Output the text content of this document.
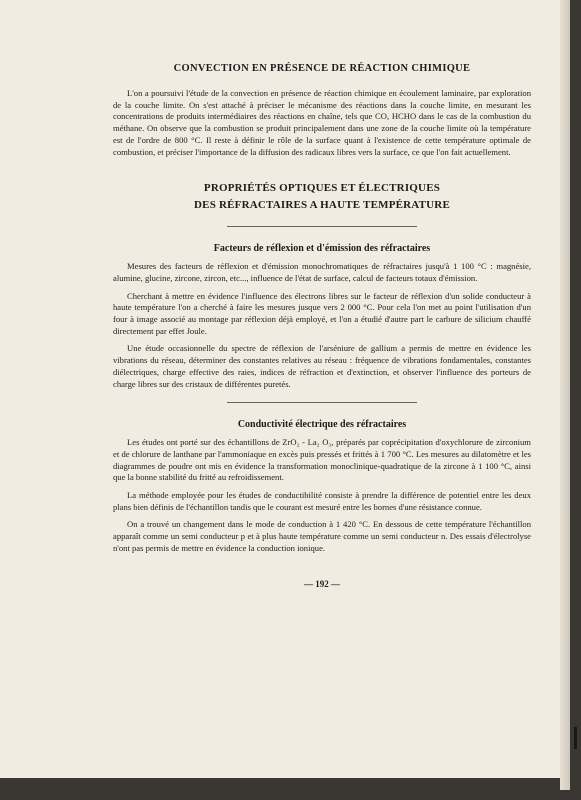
CONVECTION EN PRÉSENCE DE RÉACTION CHIMIQUE

L'on a poursuivi l'étude de la convection en présence de réaction chimique en écoulement laminaire, par exploration de la couche limite. On s'est attaché à préciser le mécanisme des réactions dans la couche limite, en mesurant les concentrations de produits intermédiaires des réactions en chaîne, tels que CO, HCHO dans le cas de la combustion du méthane. On observe que la combustion se produit principalement dans une zone de la couche limite où la température est de l'ordre de 800 °C. Il reste à définir le rôle de la surface quant à l'existence de cette température optimale de combustion, et préciser l'importance de la diffusion des radicaux libres vers la surface, ce que l'on fait actuellement.

PROPRIÉTÉS OPTIQUES ET ÉLECTRIQUES
DES RÉFRACTAIRES A HAUTE TEMPÉRATURE
Facteurs de réflexion et d'émission des réfractaires

Mesures des facteurs de réflexion et d'émission monochromatiques de réfractaires jusqu'à 1 100 °C : magnésie, alumine, glucine, zircone, zircon, etc..., influence de l'état de surface, calcul de facteurs totaux d'émission.

Cherchant à mettre en évidence l'influence des électrons libres sur le facteur de réflexion d'un solide conducteur à haute température l'on a cherché à faire les mesures jusque vers 2 000 °C. Pour cela l'on met au point l'utilisation d'un four à image associé au montage par réflexion déjà employé, et l'on a étudié d'autre part le carbure de silicium chauffé directement par effet Joule.

Une étude occasionnelle du spectre de réflexion de l'arséniure de gallium a permis de mettre en évidence les vibrations du réseau, déterminer des constantes relatives au réseau : fréquence de vibrations fondamentales, constantes diélectriques, charge effective des raies, indices de réfraction et d'extinction, et observer l'influence des porteurs de charge libres sur des cristaux de différentes puretés.

Conductivité électrique des réfractaires

Les études ont porté sur des échantillons de ZrO₂ - La₂ O₃, préparés par coprécipitation d'oxychlorure de zirconium et de chlorure de lanthane par l'ammoniaque en excès puis pressés et frittés à 1 700 °C. Les mesures au dilatomètre et les diagrammes de poudre ont mis en évidence la transformation monoclinique-quadratique de la zircone à 1 100 °C, ainsi que la bonne stabilité du fritté au refroidissement.

La méthode employée pour les études de conductibilité consiste à prendre la différence de potentiel entre les deux plans bien définis de l'échantillon tandis que le courant est mesuré entre les bornes d'une résistance connue.

On a trouvé un changement dans le mode de conduction à 1 420 °C. En dessous de cette température l'échantillon apparaît comme un semi conducteur p et à plus haute température comme un semi conducteur n. Des essais d'électrolyse n'ont pas permis de mettre en évidence la conduction ionique.

— 192 —
